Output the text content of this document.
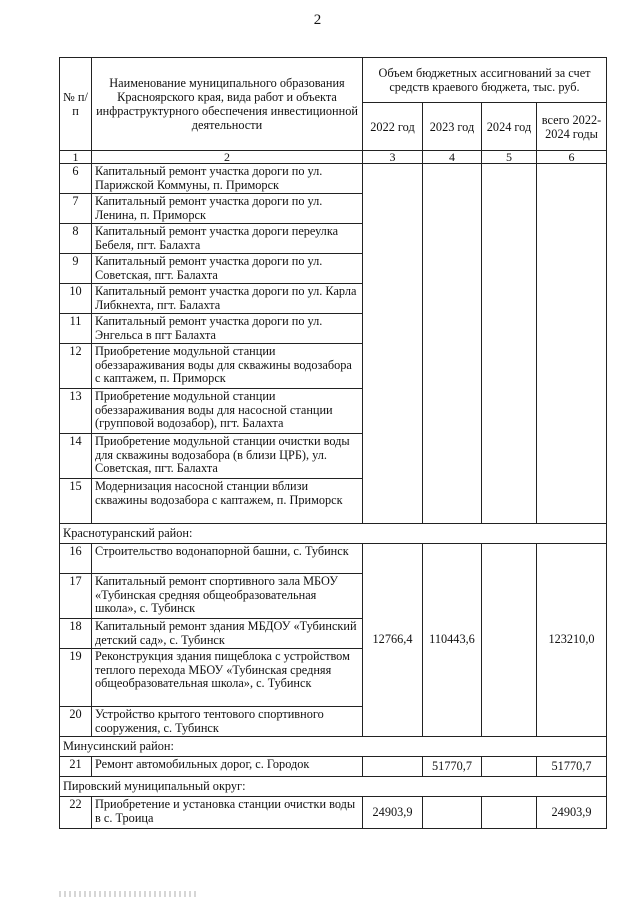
2
№ п/п	Наименование муниципального образования Красноярского края, вида работ и объекта инфраструктурного обеспечения инвестиционной деятельности	Объем бюджетных ассигнований за счет средств краевого бюджета, тыс. руб.			
		2022 год	2023 год	2024 год	всего 2022-2024 годы
1	2	3	4	5	6
6	Капитальный ремонт участка дороги по ул. Парижской Коммуны, п. Приморск				
7	Капитальный ремонт участка дороги по ул. Ленина, п. Приморск				
8	Капитальный ремонт участка дороги переулка Бебеля, пгт. Балахта				
9	Капитальный ремонт участка дороги по ул. Советская, пгт. Балахта				
10	Капитальный ремонт участка дороги по ул. Карла Либкнехта, пгт. Балахта				
11	Капитальный ремонт участка дороги по ул. Энгельса в пгт Балахта				
12	Приобретение модульной станции обеззараживания воды для скважины водозабора с каптажем, п. Приморск				
13	Приобретение модульной станции обеззараживания воды для насосной станции (групповой водозабор), пгт. Балахта				
14	Приобретение модульной станции очистки воды для скважины водозабора (в близи ЦРБ), ул. Советская, пгт. Балахта				
15	Модернизация насосной станции вблизи скважины водозабора с каптажем, п. Приморск				
Краснотуранский район:					
16	Строительство водонапорной башни, с. Тубинск	12766,4	110443,6		123210,0
17	Капитальный ремонт спортивного зала МБОУ «Тубинская средняя общеобразовательная школа», с. Тубинск				
18	Капитальный ремонт здания МБДОУ «Тубинский детский сад», с. Тубинск				
19	Реконструкция здания пищеблока с устройством теплого перехода МБОУ «Тубинская средняя общеобразовательная школа», с. Тубинск				
20	Устройство крытого тентового спортивного сооружения, с. Тубинск				
Минусинский район:					
21	Ремонт автомобильных дорог, с. Городок		51770,7		51770,7
Пировский муниципальный округ:					
22	Приобретение и установка станции очистки воды в с. Троица	24903,9			24903,9
